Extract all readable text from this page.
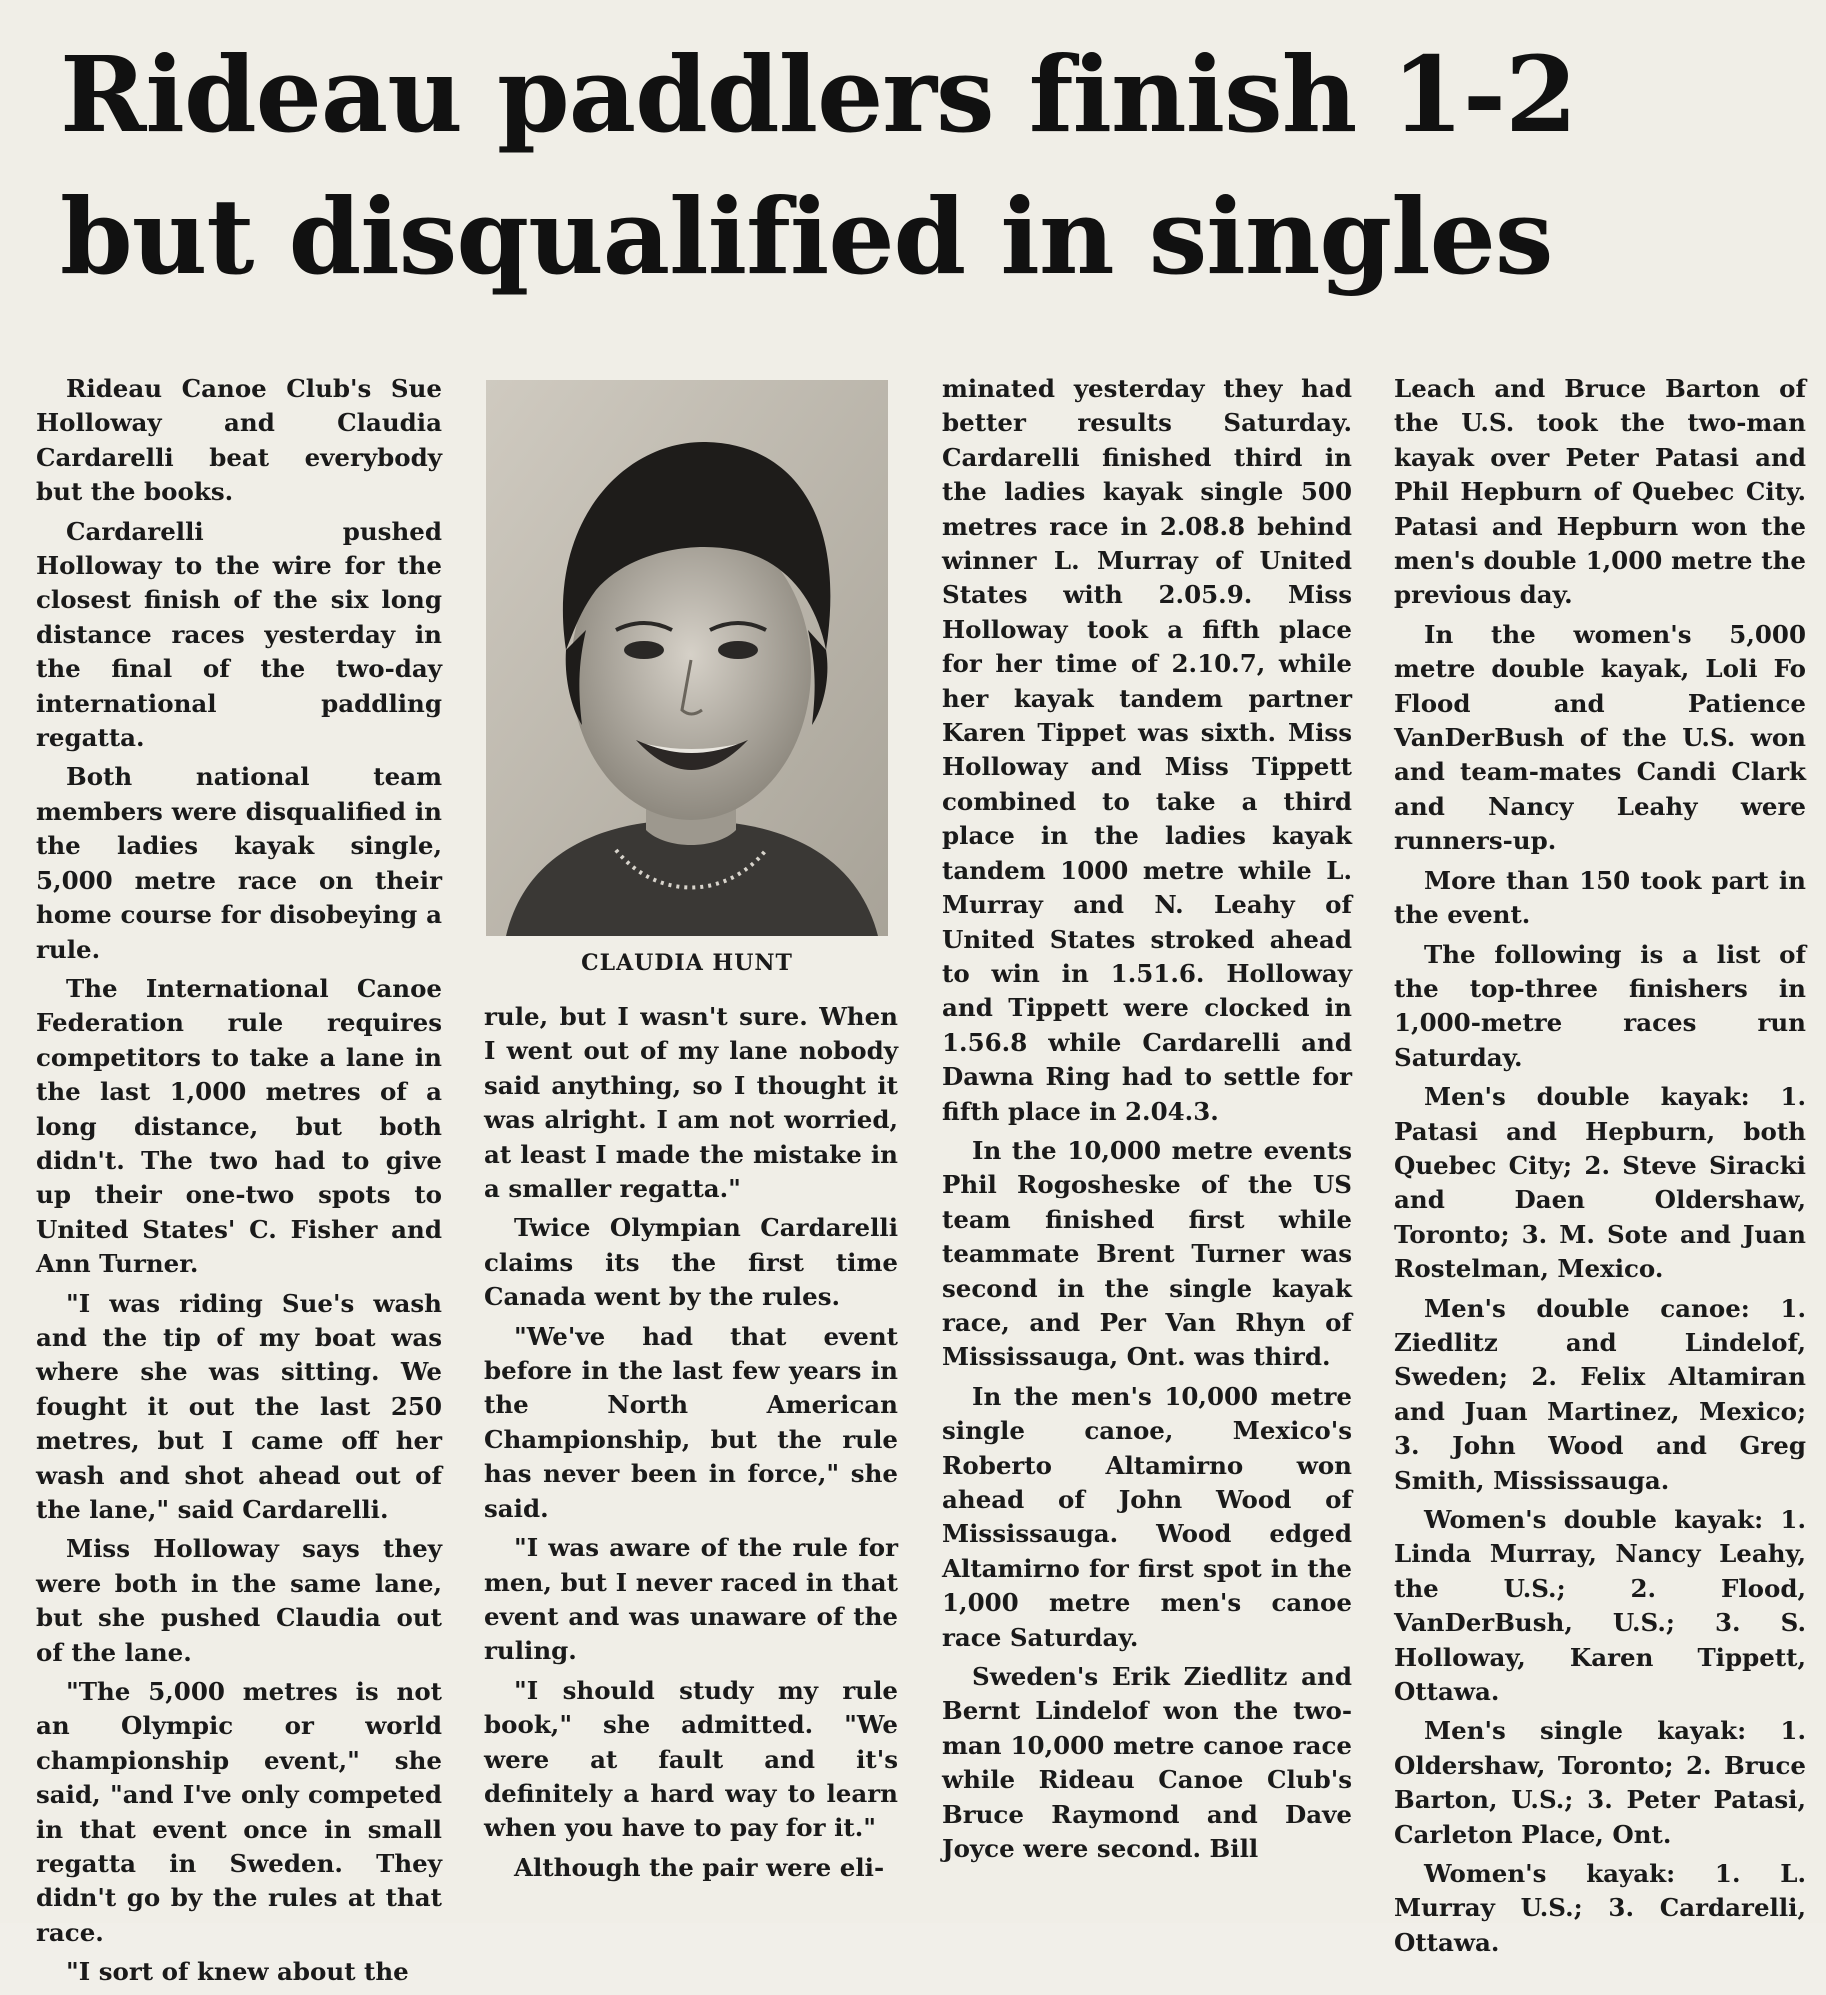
Rideau paddlers finish 1-2
but disqualified in singles

Rideau Canoe Club's Sue Holloway and Claudia Cardarelli beat everybody but the books.

Cardarelli pushed Holloway to the wire for the closest finish of the six long distance races yesterday in the final of the two-day international paddling regatta.

Both national team members were disqualified in the ladies kayak single, 5,000 metre race on their home course for disobeying a rule.

The International Canoe Federation rule requires competitors to take a lane in the last 1,000 metres of a long distance, but both didn't. The two had to give up their one-two spots to United States' C. Fisher and Ann Turner.

"I was riding Sue's wash and the tip of my boat was where she was sitting. We fought it out the last 250 metres, but I came off her wash and shot ahead out of the lane," said Cardarelli.

Miss Holloway says they were both in the same lane, but she pushed Claudia out of the lane.

"The 5,000 metres is not an Olympic or world championship event," she said, "and I've only competed in that event once in small regatta in Sweden. They didn't go by the rules at that race.

"I sort of knew about the

CLAUDIA HUNT

rule, but I wasn't sure. When I went out of my lane nobody said anything, so I thought it was alright. I am not worried, at least I made the mistake in a smaller regatta."

Twice Olympian Cardarelli claims its the first time Canada went by the rules.

"We've had that event before in the last few years in the North American Championship, but the rule has never been in force," she said.

"I was aware of the rule for men, but I never raced in that event and was unaware of the ruling.

"I should study my rule book," she admitted. "We were at fault and it's definitely a hard way to learn when you have to pay for it."

Although the pair were eli-

minated yesterday they had better results Saturday. Cardarelli finished third in the ladies kayak single 500 metres race in 2.08.8 behind winner L. Murray of United States with 2.05.9. Miss Holloway took a fifth place for her time of 2.10.7, while her kayak tandem partner Karen Tippet was sixth. Miss Holloway and Miss Tippett combined to take a third place in the ladies kayak tandem 1000 metre while L. Murray and N. Leahy of United States stroked ahead to win in 1.51.6. Holloway and Tippett were clocked in 1.56.8 while Cardarelli and Dawna Ring had to settle for fifth place in 2.04.3.

In the 10,000 metre events Phil Rogosheske of the US team finished first while teammate Brent Turner was second in the single kayak race, and Per Van Rhyn of Mississauga, Ont. was third.

In the men's 10,000 metre single canoe, Mexico's Roberto Altamirno won ahead of John Wood of Mississauga. Wood edged Altamirno for first spot in the 1,000 metre men's canoe race Saturday.

Sweden's Erik Ziedlitz and Bernt Lindelof won the two-man 10,000 metre canoe race while Rideau Canoe Club's Bruce Raymond and Dave Joyce were second. Bill

Leach and Bruce Barton of the U.S. took the two-man kayak over Peter Patasi and Phil Hepburn of Quebec City. Patasi and Hepburn won the men's double 1,000 metre the previous day.

In the women's 5,000 metre double kayak, Loli Fo Flood and Patience VanDerBush of the U.S. won and team-mates Candi Clark and Nancy Leahy were runners-up.

More than 150 took part in the event.

The following is a list of the top-three finishers in 1,000-metre races run Saturday.

Men's double kayak: 1. Patasi and Hepburn, both Quebec City; 2. Steve Siracki and Daen Oldershaw, Toronto; 3. M. Sote and Juan Rostelman, Mexico.

Men's double canoe: 1. Ziedlitz and Lindelof, Sweden; 2. Felix Altamiran and Juan Martinez, Mexico; 3. John Wood and Greg Smith, Mississauga.

Women's double kayak: 1. Linda Murray, Nancy Leahy, the U.S.; 2. Flood, VanDerBush, U.S.; 3. S. Holloway, Karen Tippett, Ottawa.

Men's single kayak: 1. Oldershaw, Toronto; 2. Bruce Barton, U.S.; 3. Peter Patasi, Carleton Place, Ont.

Women's kayak: 1. L. Murray U.S.; 3. Cardarelli, Ottawa.
